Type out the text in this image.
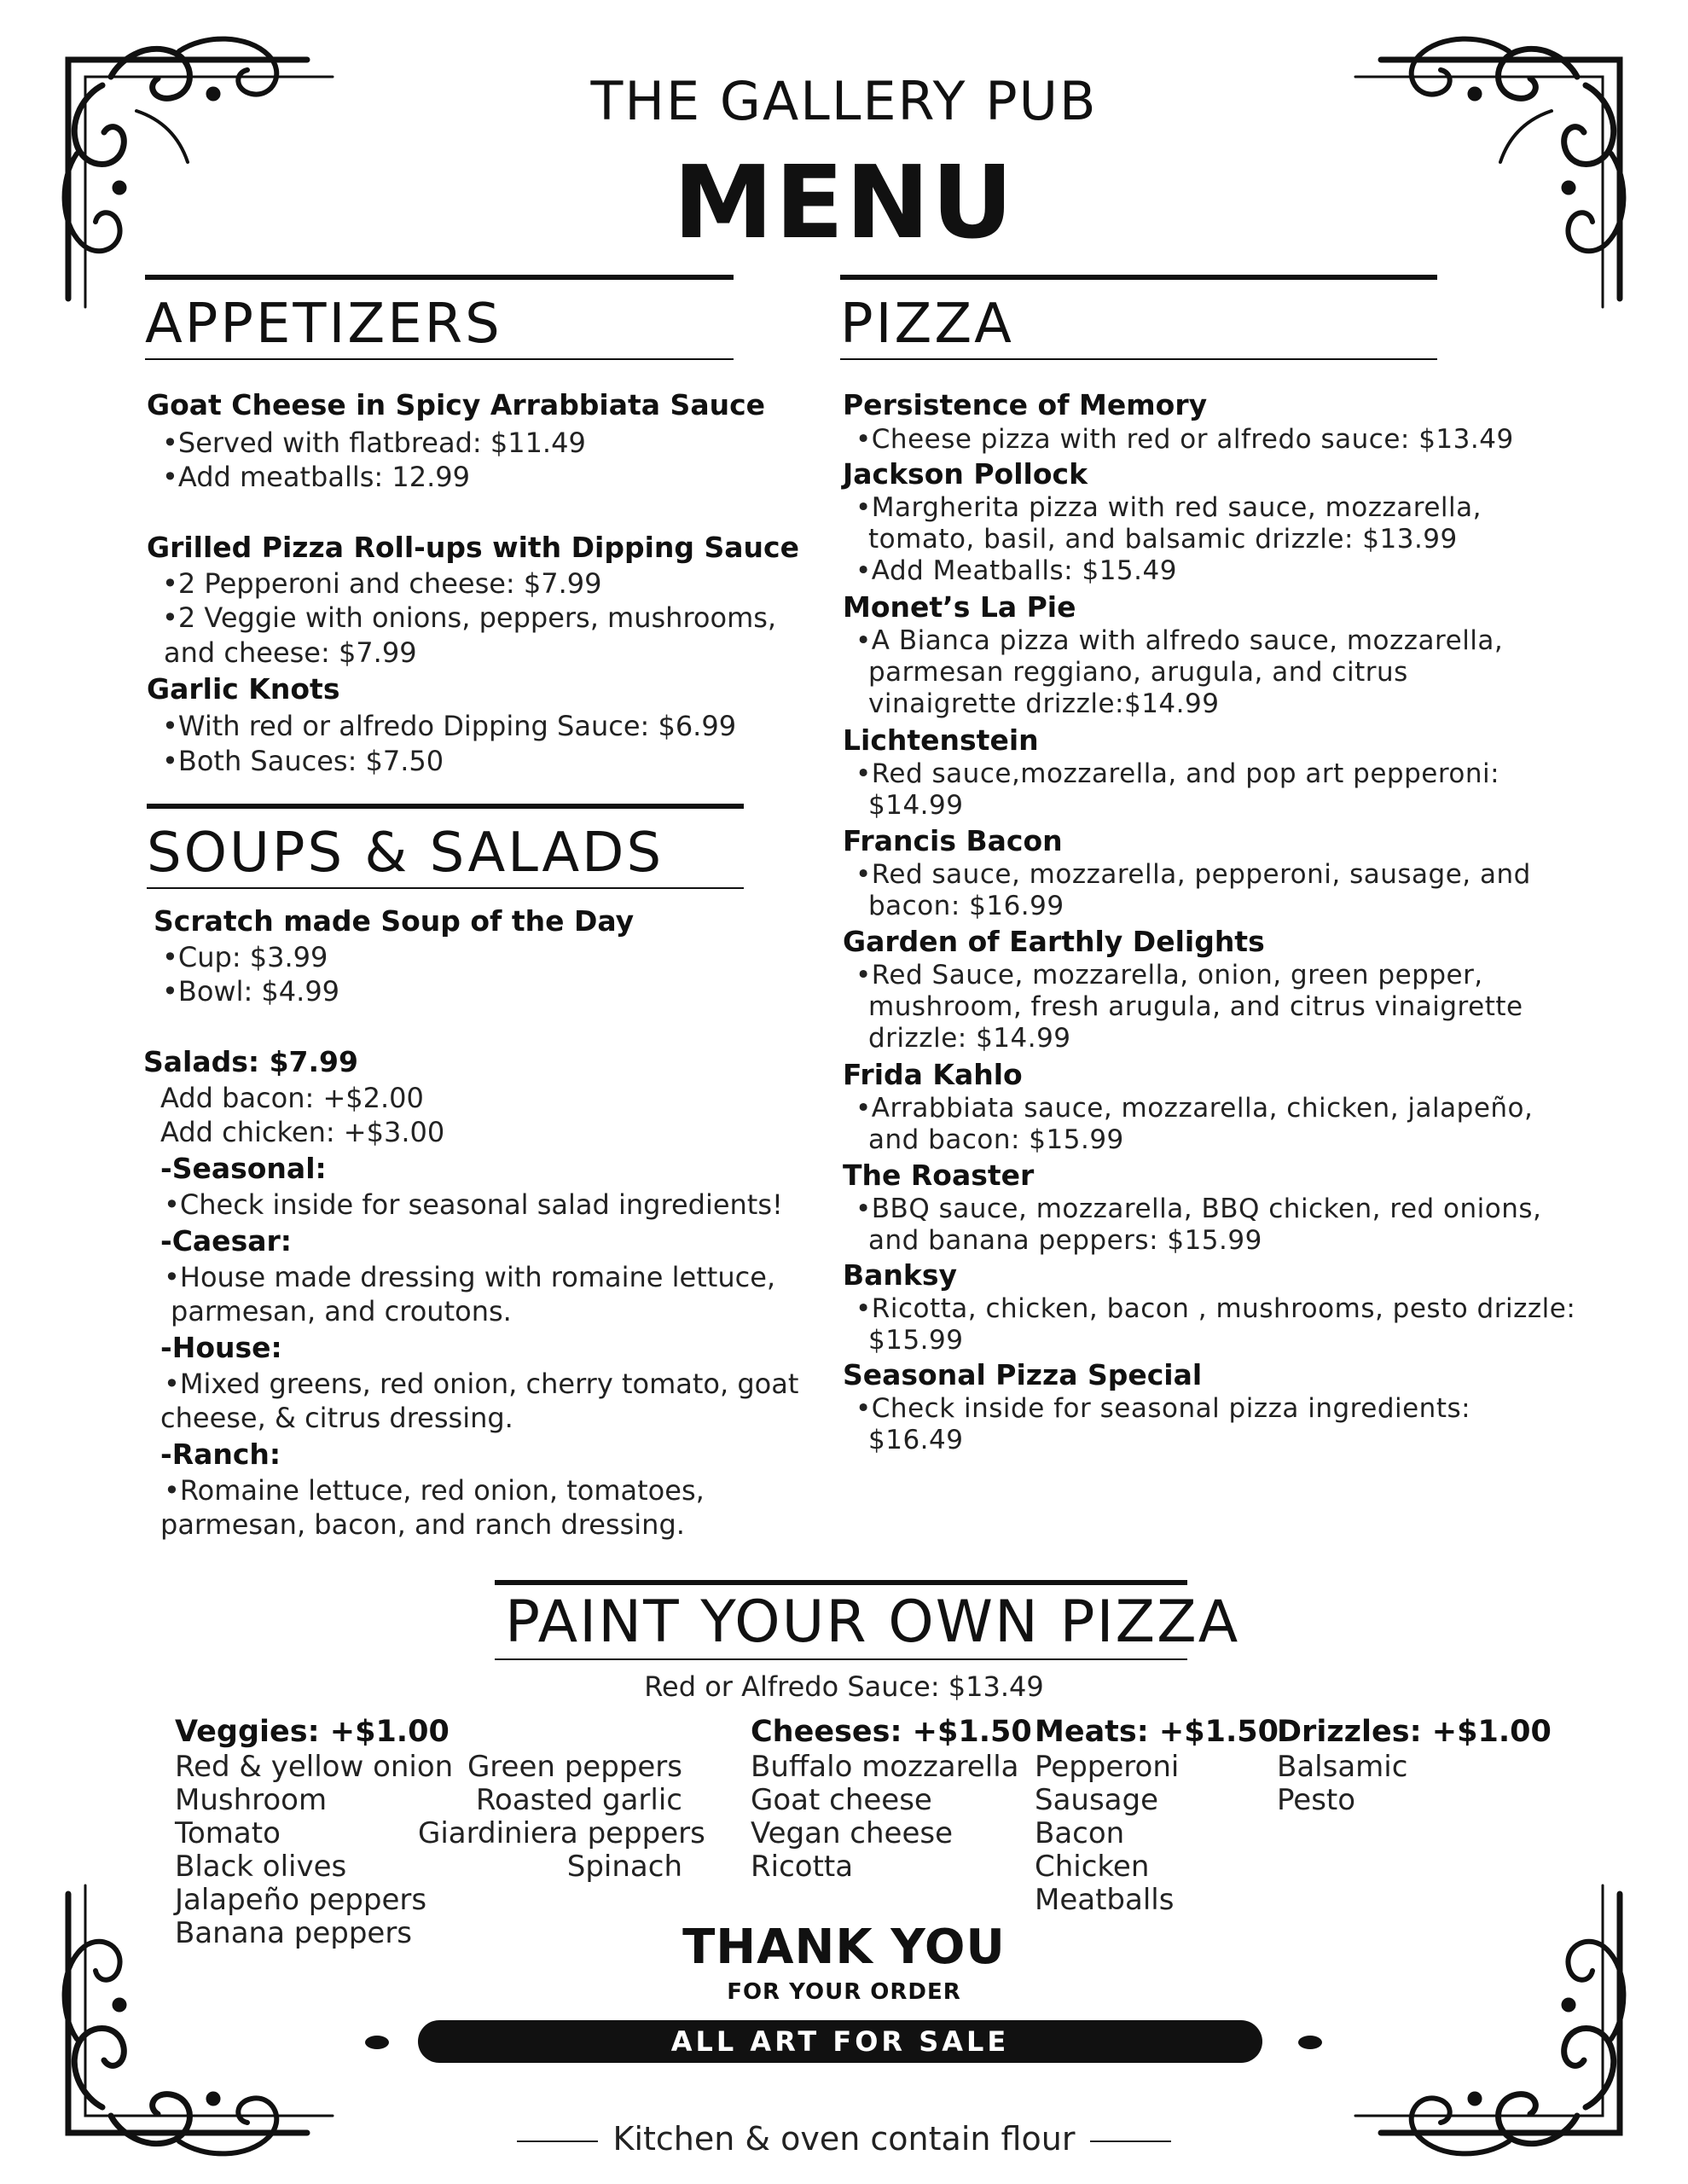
THE GALLERY PUB
MENU
APPETIZERS
Goat Cheese in Spicy Arrabbiata Sauce
•Served with flatbread: $11.49
•Add meatballs: 12.99
Grilled Pizza Roll-ups with Dipping Sauce
•2 Pepperoni and cheese: $7.99
•2 Veggie with onions, peppers, mushrooms,
and cheese: $7.99
Garlic Knots
•With red or alfredo Dipping Sauce: $6.99
•Both Sauces: $7.50
SOUPS & SALADS
Scratch made Soup of the Day
•Cup: $3.99
•Bowl: $4.99
Salads: $7.99
Add bacon: +$2.00
Add chicken: +$3.00
-Seasonal:
•Check inside for seasonal salad ingredients!
-Caesar:
•House made dressing with romaine lettuce,
parmesan, and croutons.
-House:
•Mixed greens, red onion, cherry tomato, goat
cheese, & citrus dressing.
-Ranch:
•Romaine lettuce, red onion, tomatoes,
parmesan, bacon, and ranch dressing.
PIZZA
Persistence of Memory
•Cheese pizza with red or alfredo sauce: $13.49
Jackson Pollock
•Margherita pizza with red sauce, mozzarella,
tomato, basil, and balsamic drizzle: $13.99
•Add Meatballs: $15.49
Monet’s La Pie
•A Bianca pizza with alfredo sauce, mozzarella,
parmesan reggiano, arugula, and citrus
vinaigrette drizzle:$14.99
Lichtenstein
•Red sauce,mozzarella, and pop art pepperoni:
$14.99
Francis Bacon
•Red sauce, mozzarella, pepperoni, sausage, and
bacon: $16.99
Garden of Earthly Delights
•Red Sauce, mozzarella, onion, green pepper,
mushroom, fresh arugula, and citrus vinaigrette
drizzle: $14.99
Frida Kahlo
•Arrabbiata sauce, mozzarella, chicken, jalapeño,
and bacon: $15.99
The Roaster
•BBQ sauce, mozzarella, BBQ chicken, red onions,
and banana peppers: $15.99
Banksy
•Ricotta, chicken, bacon , mushrooms, pesto drizzle:
$15.99
Seasonal Pizza Special
•Check inside for seasonal pizza ingredients:
$16.49
PAINT YOUR OWN PIZZA
Red or Alfredo Sauce: $13.49
Veggies: +$1.00
Red & yellow onion
Mushroom
Tomato
Black olives
Jalapeño peppers
Banana peppers
Green peppers
Roasted garlic
Giardiniera peppers
Spinach
Cheeses: +$1.50
Buffalo mozzarella
Goat cheese
Vegan cheese
Ricotta
Meats: +$1.50
Pepperoni
Sausage
Bacon
Chicken
Meatballs
Drizzles: +$1.00
Balsamic
Pesto
THANK YOU
FOR YOUR ORDER
ALL ART FOR SALE
Kitchen & oven contain flour
